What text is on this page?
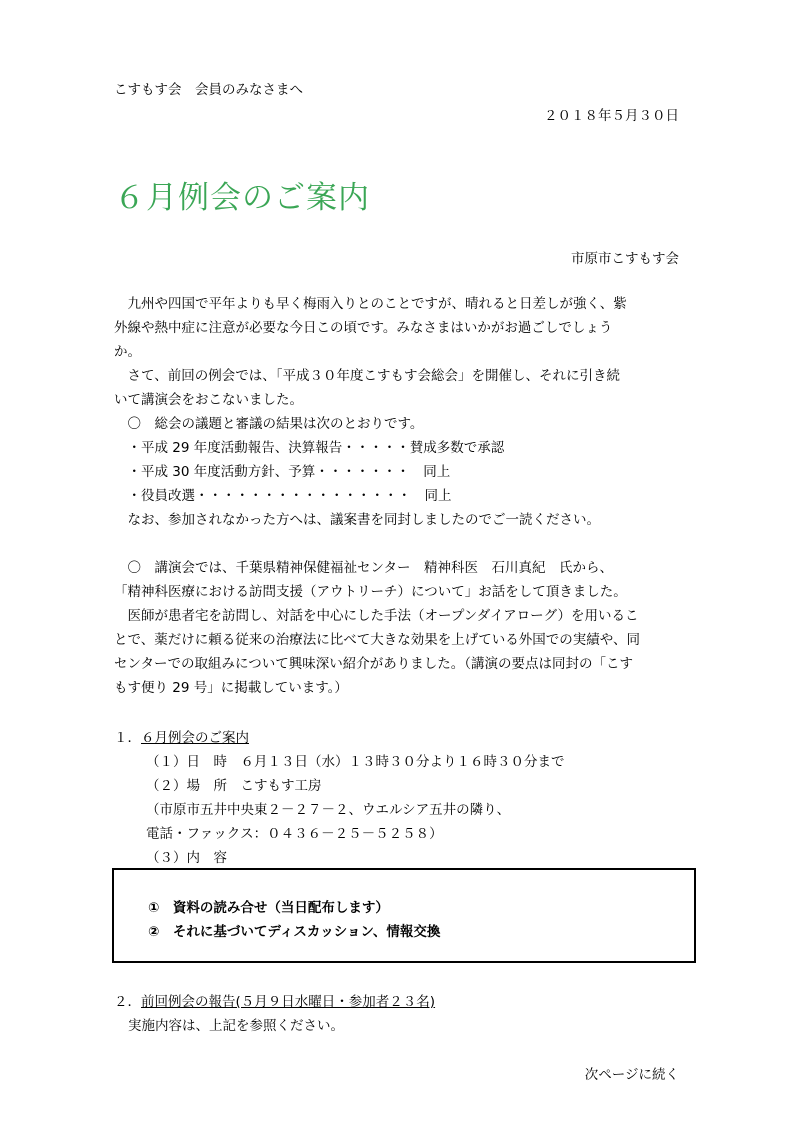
こすもす会　会員のみなさまへ
２０１８年５月３０日
６月例会のご案内
市原市こすもす会
　九州や四国で平年よりも早く梅雨入りとのことですが、晴れると日差しが強く、紫
外線や熱中症に注意が必要な今日この頃です。みなさまはいかがお過ごしでしょう
か。
　さて、前回の例会では、「平成３０年度こすもす会総会」を開催し、それに引き続
いて講演会をおこないました。
　〇　総会の議題と審議の結果は次のとおりです。
　・平成 29 年度活動報告、決算報告・・・・・賛成多数で承認
　・平成 30 年度活動方針、予算・・・・・・・　同上
　・役員改選・・・・・・・・・・・・・・・・　同上
　なお、参加されなかった方へは、議案書を同封しましたのでご一読ください。
　〇　講演会では、千葉県精神保健福祉センター　精神科医　石川真紀　氏から、
「精神科医療における訪問支援（アウトリーチ）について」お話をして頂きました。
　医師が患者宅を訪問し、対話を中心にした手法（オープンダイアローグ）を用いるこ
とで、薬だけに頼る従来の治療法に比べて大きな効果を上げている外国での実績や、同
センターでの取組みについて興味深い紹介がありました。（講演の要点は同封の「こす
もす便り 29 号」に掲載しています。）
１．６月例会のご案内
（１）日　時　６月１３日（水）１３時３０分より１６時３０分まで
（２）場　所　こすもす工房
（市原市五井中央東２－２７－２、ウエルシア五井の隣り、
電話・ファックス：０４３６－２５－５２５８）
（３）内　容
①　資料の読み合せ（当日配布します）
②　それに基づいてディスカッション、情報交換
２．前回例会の報告(５月９日水曜日・参加者２３名)
実施内容は、上記を参照ください。
次ページに続く
